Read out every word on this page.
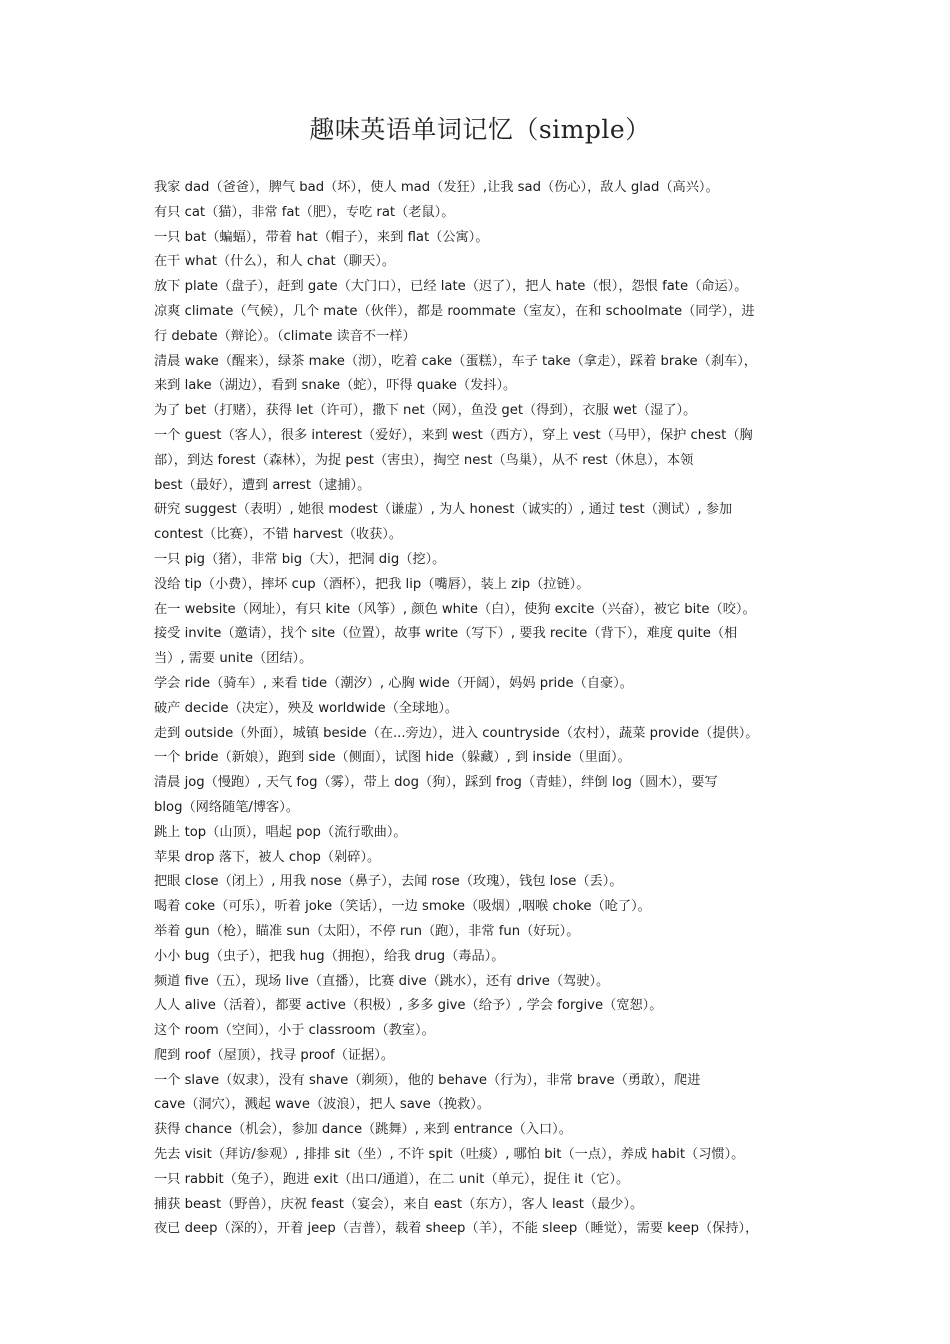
趣味英语单词记忆（simple）

我家 dad（爸爸），脾气 bad（坏），使人 mad（发狂）,让我 sad（伤心），敌人 glad（高兴）。

有只 cat（猫），非常 fat（肥），专吃 rat（老鼠）。

一只 bat（蝙蝠），带着 hat（帽子），来到 flat（公寓）。

在干 what（什么），和人 chat（聊天）。

放下 plate（盘子），赶到 gate（大门口），已经 late（迟了），把人 hate（恨），怨恨 fate（命运）。

凉爽 climate（气候），几个 mate（伙伴），都是 roommate（室友），在和 schoolmate（同学），进

行 debate（辩论）。（climate 读音不一样）

清晨 wake（醒来），绿茶 make（沏），吃着 cake（蛋糕），车子 take（拿走），踩着 brake（刹车），

来到 lake（湖边），看到 snake（蛇），吓得 quake（发抖）。

为了 bet（打赌），获得 let（许可），撒下 net（网），鱼没 get（得到），衣服 wet（湿了）。

一个 guest（客人），很多 interest（爱好），来到 west（西方），穿上 vest（马甲），保护 chest（胸

部），到达 forest（森林），为捉 pest（害虫），掏空 nest（鸟巢），从不 rest（休息），本领

best（最好），遭到 arrest（逮捕）。

研究 suggest（表明）, 她很 modest（谦虚）, 为人 honest（诚实的）, 通过 test（测试）, 参加

contest（比赛），不错 harvest（收获）。

一只 pig（猪），非常 big（大），把洞 dig（挖）。

没给 tip（小费），摔坏 cup（酒杯），把我 lip（嘴唇），装上 zip（拉链）。

在一 website（网址），有只 kite（风筝）, 颜色 white（白），使狗 excite（兴奋），被它 bite（咬）。

接受 invite（邀请），找个 site（位置），故事 write（写下）, 要我 recite（背下），难度 quite（相

当）, 需要 unite（团结）。

学会 ride（骑车）, 来看 tide（潮汐）, 心胸 wide（开阔），妈妈 pride（自豪）。

破产 decide（决定），殃及 worldwide（全球地）。

走到 outside（外面），城镇 beside（在...旁边），进入 countryside（农村），蔬菜 provide（提供）。

一个 bride（新娘），跑到 side（侧面），试图 hide（躲藏）, 到 inside（里面）。

清晨 jog（慢跑）, 天气 fog（雾），带上 dog（狗），踩到 frog（青蛙），绊倒 log（圆木），要写

blog（网络随笔/博客）。

跳上 top（山顶），唱起 pop（流行歌曲）。

苹果 drop 落下，被人 chop（剁碎）。

把眼 close（闭上）, 用我 nose（鼻子），去闻 rose（玫瑰），钱包 lose（丢）。

喝着 coke（可乐），听着 joke（笑话），一边 smoke（吸烟）,咽喉 choke（呛了）。

举着 gun（枪），瞄准 sun（太阳），不停 run（跑），非常 fun（好玩）。

小小 bug（虫子），把我 hug（拥抱），给我 drug（毒品）。

频道 five（五），现场 live（直播），比赛 dive（跳水），还有 drive（驾驶）。

人人 alive（活着），都要 active（积极）, 多多 give（给予）, 学会 forgive（宽恕）。

这个 room（空间），小于 classroom（教室）。

爬到 roof（屋顶），找寻 proof（证据）。

一个 slave（奴隶），没有 shave（剃须），他的 behave（行为），非常 brave（勇敢），爬进

cave（洞穴），溅起 wave（波浪），把人 save（挽救）。

获得 chance（机会），参加 dance（跳舞）, 来到 entrance（入口）。

先去 visit（拜访/参观）, 排排 sit（坐）, 不许 spit（吐痰）, 哪怕 bit（一点），养成 habit（习惯）。

一只 rabbit（兔子），跑进 exit（出口/通道），在二 unit（单元），捉住 it（它）。

捕获 beast（野兽），庆祝 feast（宴会），来自 east（东方），客人 least（最少）。

夜已 deep（深的），开着 jeep（吉普），载着 sheep（羊），不能 sleep（睡觉），需要 keep（保持），
